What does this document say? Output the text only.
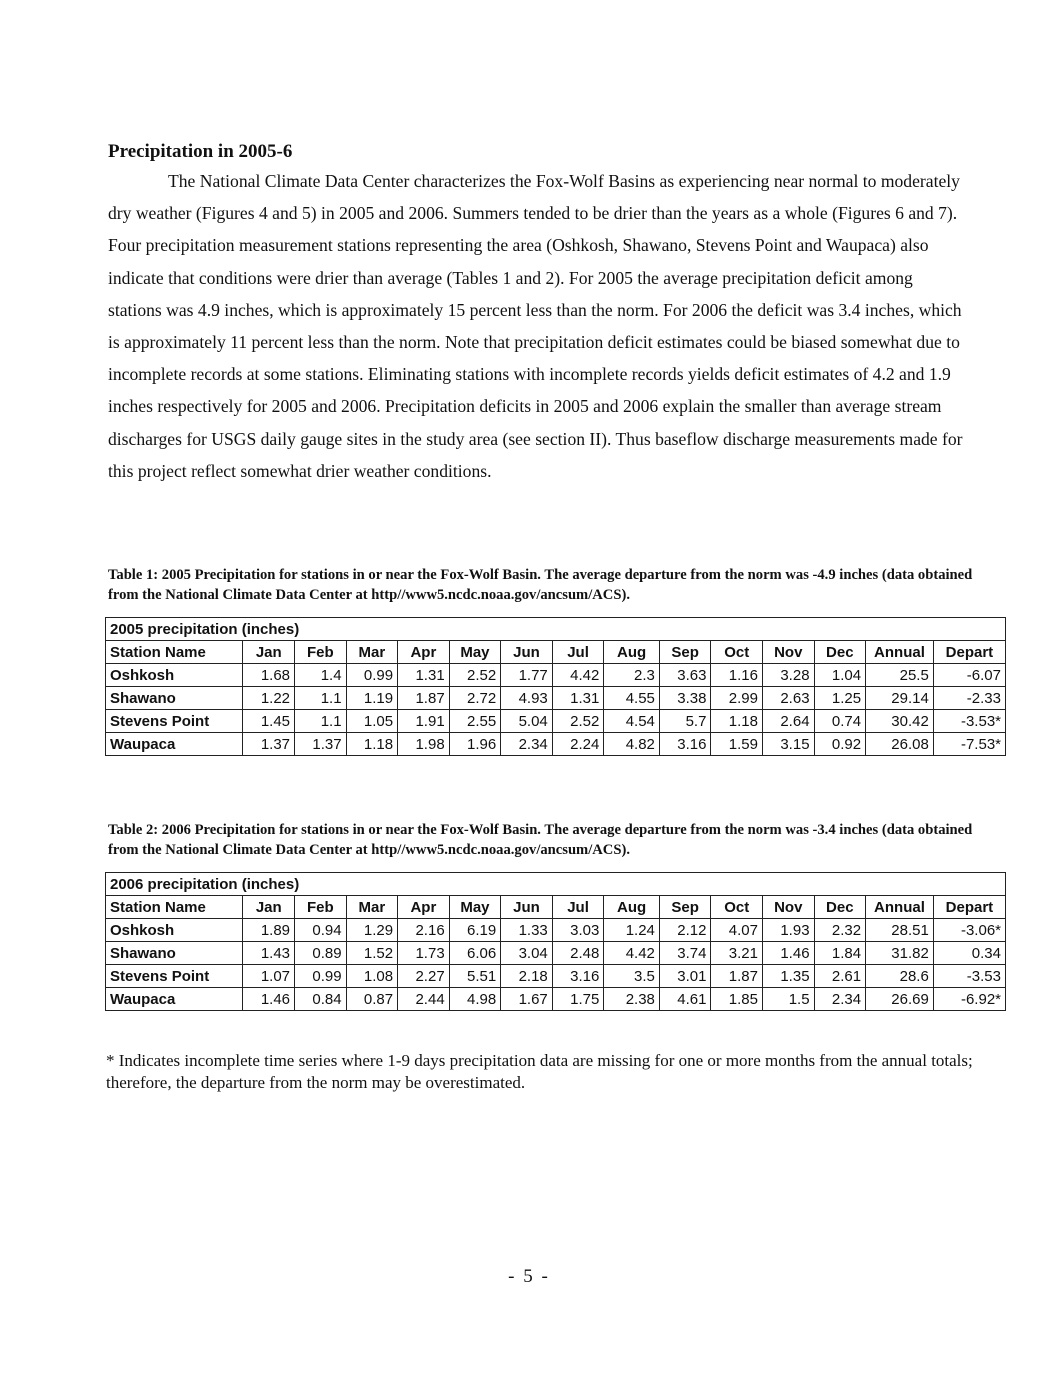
Precipitation in 2005-6

The National Climate Data Center characterizes the Fox-Wolf Basins as experiencing near normal to moderately dry weather (Figures 4 and 5) in 2005 and 2006. Summers tended to be drier than the years as a whole (Figures 6 and 7). Four precipitation measurement stations representing the area (Oshkosh, Shawano, Stevens Point and Waupaca) also indicate that conditions were drier than average (Tables 1 and 2). For 2005 the average precipitation deficit among stations was 4.9 inches, which is approximately 15 percent less than the norm. For 2006 the deficit was 3.4 inches, which is approximately 11 percent less than the norm. Note that precipitation deficit estimates could be biased somewhat due to incomplete records at some stations. Eliminating stations with incomplete records yields deficit estimates of 4.2 and 1.9 inches respectively for 2005 and 2006. Precipitation deficits in 2005 and 2006 explain the smaller than average stream discharges for USGS daily gauge sites in the study area (see section II). Thus baseflow discharge measurements made for this project reflect somewhat drier weather conditions.

Table 1: 2005 Precipitation for stations in or near the Fox-Wolf Basin. The average departure from the norm was -4.9 inches (data obtained from the National Climate Data Center at http//www5.ncdc.noaa.gov/ancsum/ACS).

2005 precipitation (inches)														
Station Name	Jan	Feb	Mar	Apr	May	Jun	Jul	Aug	Sep	Oct	Nov	Dec	Annual	Depart
Oshkosh	1.68	1.4	0.99	1.31	2.52	1.77	4.42	2.3	3.63	1.16	3.28	1.04	25.5	-6.07
Shawano	1.22	1.1	1.19	1.87	2.72	4.93	1.31	4.55	3.38	2.99	2.63	1.25	29.14	-2.33
Stevens Point	1.45	1.1	1.05	1.91	2.55	5.04	2.52	4.54	5.7	1.18	2.64	0.74	30.42	-3.53*
Waupaca	1.37	1.37	1.18	1.98	1.96	2.34	2.24	4.82	3.16	1.59	3.15	0.92	26.08	-7.53*

Table 2: 2006 Precipitation for stations in or near the Fox-Wolf Basin. The average departure from the norm was -3.4 inches (data obtained from the National Climate Data Center at http//www5.ncdc.noaa.gov/ancsum/ACS).

2006 precipitation (inches)														
Station Name	Jan	Feb	Mar	Apr	May	Jun	Jul	Aug	Sep	Oct	Nov	Dec	Annual	Depart
Oshkosh	1.89	0.94	1.29	2.16	6.19	1.33	3.03	1.24	2.12	4.07	1.93	2.32	28.51	-3.06*
Shawano	1.43	0.89	1.52	1.73	6.06	3.04	2.48	4.42	3.74	3.21	1.46	1.84	31.82	0.34
Stevens Point	1.07	0.99	1.08	2.27	5.51	2.18	3.16	3.5	3.01	1.87	1.35	2.61	28.6	-3.53
Waupaca	1.46	0.84	0.87	2.44	4.98	1.67	1.75	2.38	4.61	1.85	1.5	2.34	26.69	-6.92*

* Indicates incomplete time series where 1-9 days precipitation data are missing for one or more months from the annual totals; therefore, the departure from the norm may be overestimated.

- 5 -
